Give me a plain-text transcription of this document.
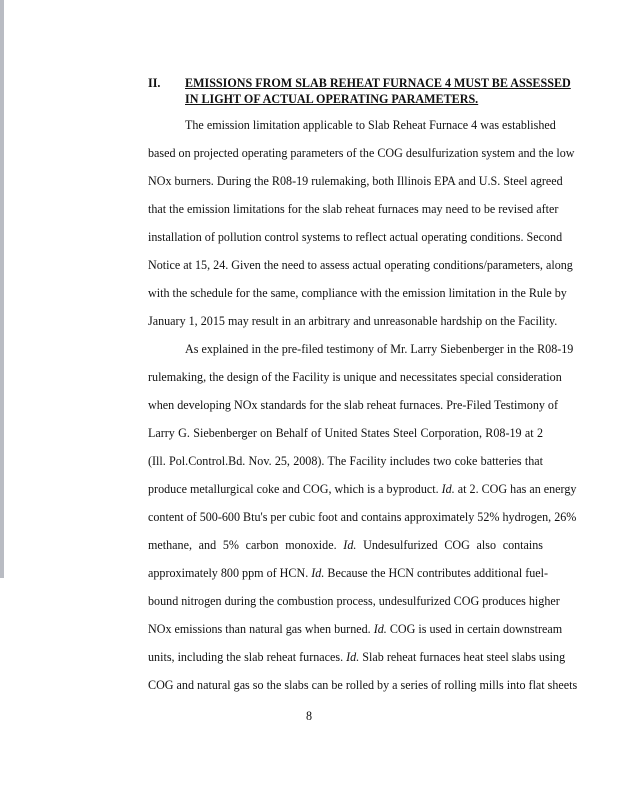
II. EMISSIONS FROM SLAB REHEAT FURNACE 4 MUST BE ASSESSED
IN LIGHT OF ACTUAL OPERATING PARAMETERS.
The emission limitation applicable to Slab Reheat Furnace 4 was established
based on projected operating parameters of the COG desulfurization system and the low
NOx burners. During the R08-19 rulemaking, both Illinois EPA and U.S. Steel agreed
that the emission limitations for the slab reheat furnaces may need to be revised after
installation of pollution control systems to reflect actual operating conditions. Second
Notice at 15, 24. Given the need to assess actual operating conditions/parameters, along
with the schedule for the same, compliance with the emission limitation in the Rule by
January 1, 2015 may result in an arbitrary and unreasonable hardship on the Facility.
As explained in the pre-filed testimony of Mr. Larry Siebenberger in the R08-19
rulemaking, the design of the Facility is unique and necessitates special consideration
when developing NOx standards for the slab reheat furnaces. Pre-Filed Testimony of
Larry G. Siebenberger on Behalf of United States Steel Corporation, R08-19 at 2
(Ill. Pol.Control.Bd. Nov. 25, 2008). The Facility includes two coke batteries that
produce metallurgical coke and COG, which is a byproduct. Id. at 2. COG has an energy
content of 500-600 Btu's per cubic foot and contains approximately 52% hydrogen, 26%
methane, and 5% carbon monoxide. Id. Undesulfurized COG also contains
approximately 800 ppm of HCN. Id. Because the HCN contributes additional fuel-
bound nitrogen during the combustion process, undesulfurized COG produces higher
NOx emissions than natural gas when burned. Id. COG is used in certain downstream
units, including the slab reheat furnaces. Id. Slab reheat furnaces heat steel slabs using
COG and natural gas so the slabs can be rolled by a series of rolling mills into flat sheets
8
